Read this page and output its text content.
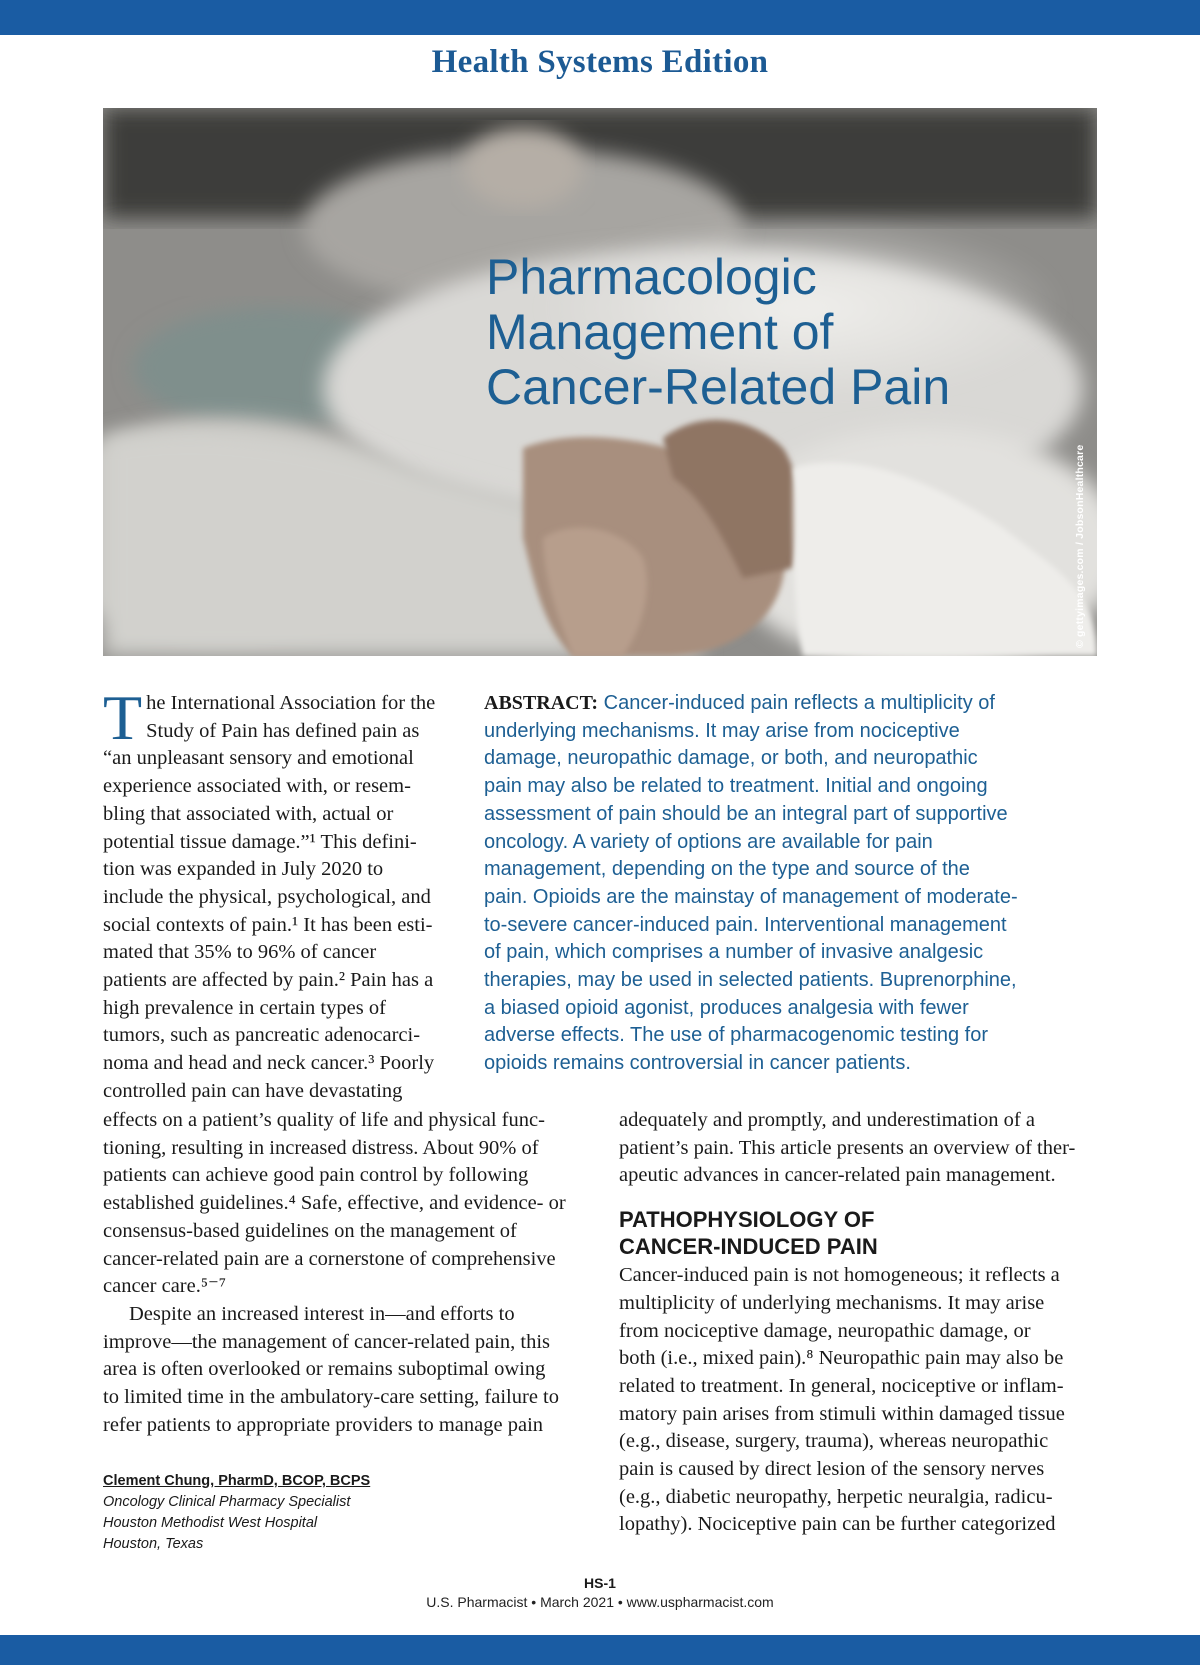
Health Systems Edition
Pharmacologic
Management of
Cancer-Related Pain
© gettyimages.com / JobsonHealthcare
T he International Association for the
Study of Pain has defined pain as
“an unpleasant sensory and emotional
experience associated with, or resem-
bling that associated with, actual or
potential tissue damage.”¹ This defini-
tion was expanded in July 2020 to
include the physical, psychological, and
social contexts of pain.¹ It has been esti-
mated that 35% to 96% of cancer
patients are affected by pain.² Pain has a
high prevalence in certain types of
tumors, such as pancreatic adenocarci-
noma and head and neck cancer.³ Poorly
controlled pain can have devastating
ABSTRACT: Cancer-induced pain reflects a multiplicity of
underlying mechanisms. It may arise from nociceptive
damage, neuropathic damage, or both, and neuropathic
pain may also be related to treatment. Initial and ongoing
assessment of pain should be an integral part of supportive
oncology. A variety of options are available for pain
management, depending on the type and source of the
pain. Opioids are the mainstay of management of moderate-
to-severe cancer-induced pain. Interventional management
of pain, which comprises a number of invasive analgesic
therapies, may be used in selected patients. Buprenorphine,
a biased opioid agonist, produces analgesia with fewer
adverse effects. The use of pharmacogenomic testing for
opioids remains controversial in cancer patients.
effects on a patient’s quality of life and physical func-
tioning, resulting in increased distress. About 90% of
patients can achieve good pain control by following
established guidelines.⁴ Safe, effective, and evidence- or
consensus-based guidelines on the management of
cancer-related pain are a cornerstone of comprehensive
cancer care.⁵⁻⁷
Despite an increased interest in—and efforts to
improve—the management of cancer-related pain, this
area is often overlooked or remains suboptimal owing
to limited time in the ambulatory-care setting, failure to
refer patients to appropriate providers to manage pain
adequately and promptly, and underestimation of a
patient’s pain. This article presents an overview of ther-
apeutic advances in cancer-related pain management.
PATHOPHYSIOLOGY OF
CANCER-INDUCED PAIN
Cancer-induced pain is not homogeneous; it reflects a
multiplicity of underlying mechanisms. It may arise
from nociceptive damage, neuropathic damage, or
both (i.e., mixed pain).⁸ Neuropathic pain may also be
related to treatment. In general, nociceptive or inflam-
matory pain arises from stimuli within damaged tissue
(e.g., disease, surgery, trauma), whereas neuropathic
pain is caused by direct lesion of the sensory nerves
(e.g., diabetic neuropathy, herpetic neuralgia, radicu-
lopathy). Nociceptive pain can be further categorized
Clement Chung, PharmD, BCOP, BCPS
Oncology Clinical Pharmacy Specialist
Houston Methodist West Hospital
Houston, Texas
HS-1
U.S. Pharmacist • March 2021 • www.uspharmacist.com
